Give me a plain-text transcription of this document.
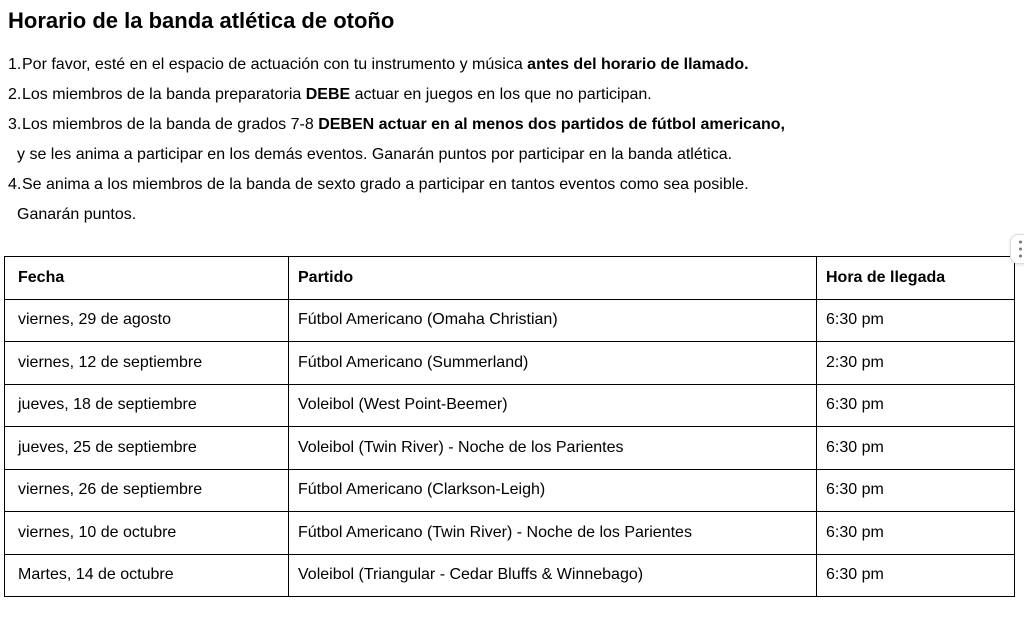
Horario de la banda atlética de otoño
1.Por favor, esté en el espacio de actuación con tu instrumento y música antes del horario de llamado.
2.Los miembros de la banda preparatoria DEBE actuar en juegos en los que no participan.
3.Los miembros de la banda de grados 7-8 DEBEN actuar en al menos dos partidos de fútbol americano,
y se les anima a participar en los demás eventos. Ganarán puntos por participar en la banda atlética.
4.Se anima a los miembros de la banda de sexto grado a participar en tantos eventos como sea posible.
Ganarán puntos.
Fecha	Partido	Hora de llegada
viernes, 29 de agosto	Fútbol Americano (Omaha Christian)	6:30 pm
viernes, 12 de septiembre	Fútbol Americano (Summerland)	2:30 pm
jueves, 18 de septiembre	Voleibol (West Point-Beemer)	6:30 pm
jueves, 25 de septiembre	Voleibol (Twin River) - Noche de los Parientes	6:30 pm
viernes, 26 de septiembre	Fútbol Americano (Clarkson-Leigh)	6:30 pm
viernes, 10 de octubre	Fútbol Americano (Twin River) - Noche de los Parientes	6:30 pm
Martes, 14 de octubre	Voleibol (Triangular - Cedar Bluffs & Winnebago)	6:30 pm
